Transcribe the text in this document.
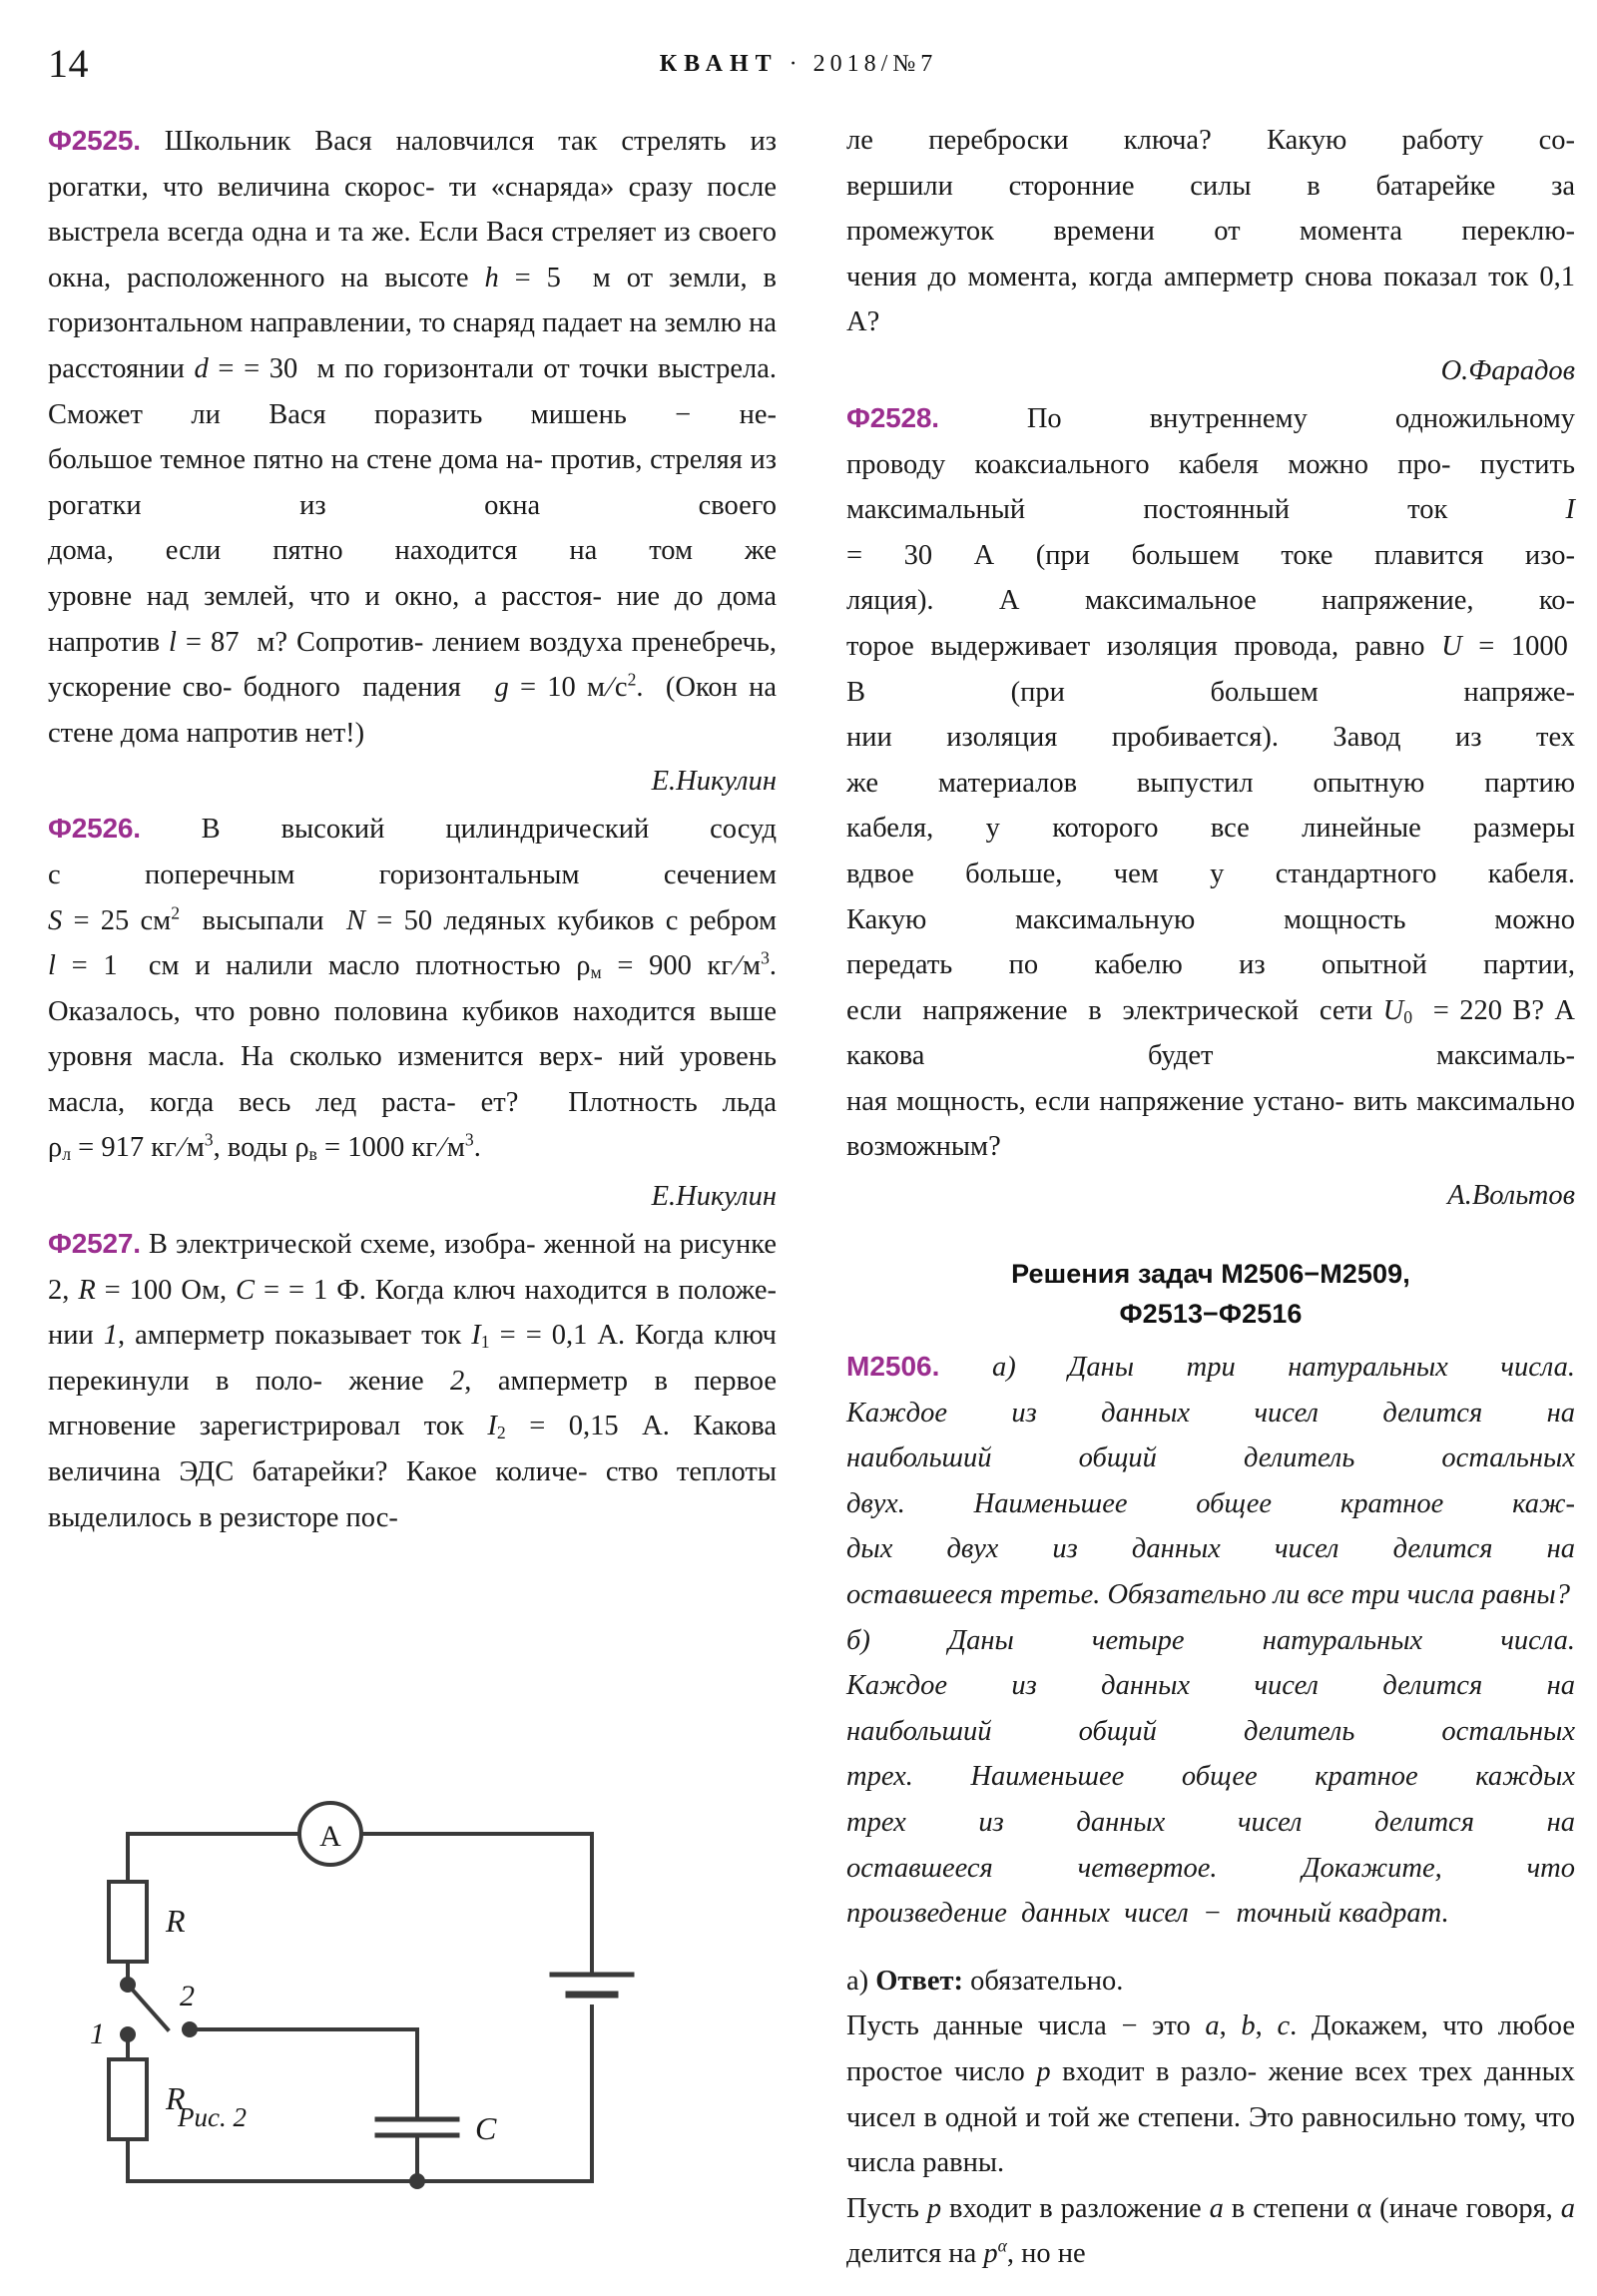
14	КВАНТ · 2018/№7

Ф2525. Школьник Вася наловчился так стрелять из рогатки, что величина скорос- ти «снаряда» сразу после выстрела всегда одна и та же. Если Вася стреляет из своего окна, расположенного на высоте h = 5  м от земли, в горизонтальном направлении, то снаряд падает на землю на расстоянии d = = 30  м по горизонтали от точки выстрела. Сможет ли Вася поразить мишень − не- большое темное пятно на стене дома на- против, стреляя из рогатки из окна своего дома,  если  пятно  находится  на  том  же уровне над землей, что и окно, а расстоя- ние до дома напротив l = 87  м? Сопротив- лением воздуха пренебречь, ускорение сво- бодного  падения   g = 10 $м/с^2$.  (Окон на стене дома напротив нет!)

Е.Никулин

Ф2526. В высокий цилиндрический сосуд с поперечным горизонтальным сечением S = 25 $см^2$  высыпали  N = 50 ледяных кубиков с ребром l = 1  см и налили масло плотностью $\rho_м = 900$ $кг/м^3$. Оказалось, что ровно половина кубиков находится выше уровня масла. На сколько изменится верх- ний уровень масла, когда весь лед раста- ет?  Плотность льда $\rho_л = 917$ $кг/м^3$, воды $\rho_в = 1000$ $кг/м^3$.

Е.Никулин

Ф2527. В электрической схеме, изобра- женной на рисунке 2, R = 100 Ом, C = = 1 Ф. Когда ключ находится в положе- нии 1, амперметр показывает ток $I_1$ = = 0,1 А. Когда ключ перекинули в поло- жение 2, амперметр в первое мгновение зарегистрировал ток $I_2 = 0,15$ А. Какова величина ЭДС батарейки? Какое количе- ство теплоты выделилось в резисторе пос-

ле переброски ключа? Какую работу со- вершили сторонние силы в батарейке за промежуток времени от момента переклю- чения до момента, когда амперметр снова показал ток 0,1 А?

О.Фарадов

Ф2528. По внутреннему одножильному проводу коаксиального кабеля можно про- пустить максимальный постоянный ток I = 30 А (при большем токе плавится изо- ляция). А максимальное напряжение, ко- торое выдерживает изоляция провода, равно U = 1000  В (при большем напряже- нии изоляция пробивается). Завод из тех же материалов выпустил опытную партию кабеля, у которого все линейные размеры вдвое больше, чем у стандартного кабеля. Какую  максимальную  мощность  можно передать  по  кабелю  из  опытной  партии, если  напряжение  в  электрической  сети $U_0 = 220$ В? А какова будет максималь- ная мощность, если напряжение устано- вить максимально возможным?

А.Вольтов

Решения задач М2506−М2509,
Ф2513−Ф2516

М2506. а) Даны три натуральных числа. Каждое  из  данных  чисел  делится  на наибольший общий делитель остальных двух. Наименьшее общее кратное каж- дых  двух  из  данных  чисел  делится  на оставшееся третье. Обязательно ли все три числа равны?

б)  Даны  четыре  натуральных  числа. Каждое  из  данных  чисел  делится  на наибольший общий делитель остальных трех. Наименьшее общее кратное каждых трех  из  данных  чисел  делится  на оставшееся  четвертое.  Докажите,  что произведение  данных  чисел  −  точный квадрат.

а) Ответ: обязательно.

Пусть данные числа − это a, b, c. Докажем, что любое простое число p входит в разло- жение всех трех данных чисел в одной и той же степени. Это равносильно тому, что числа равны.
Пусть p входит в разложение a в степени α (иначе говоря, a делится на $p^\alpha$, но не

A
R
R
C
1
2
Рис. 2
